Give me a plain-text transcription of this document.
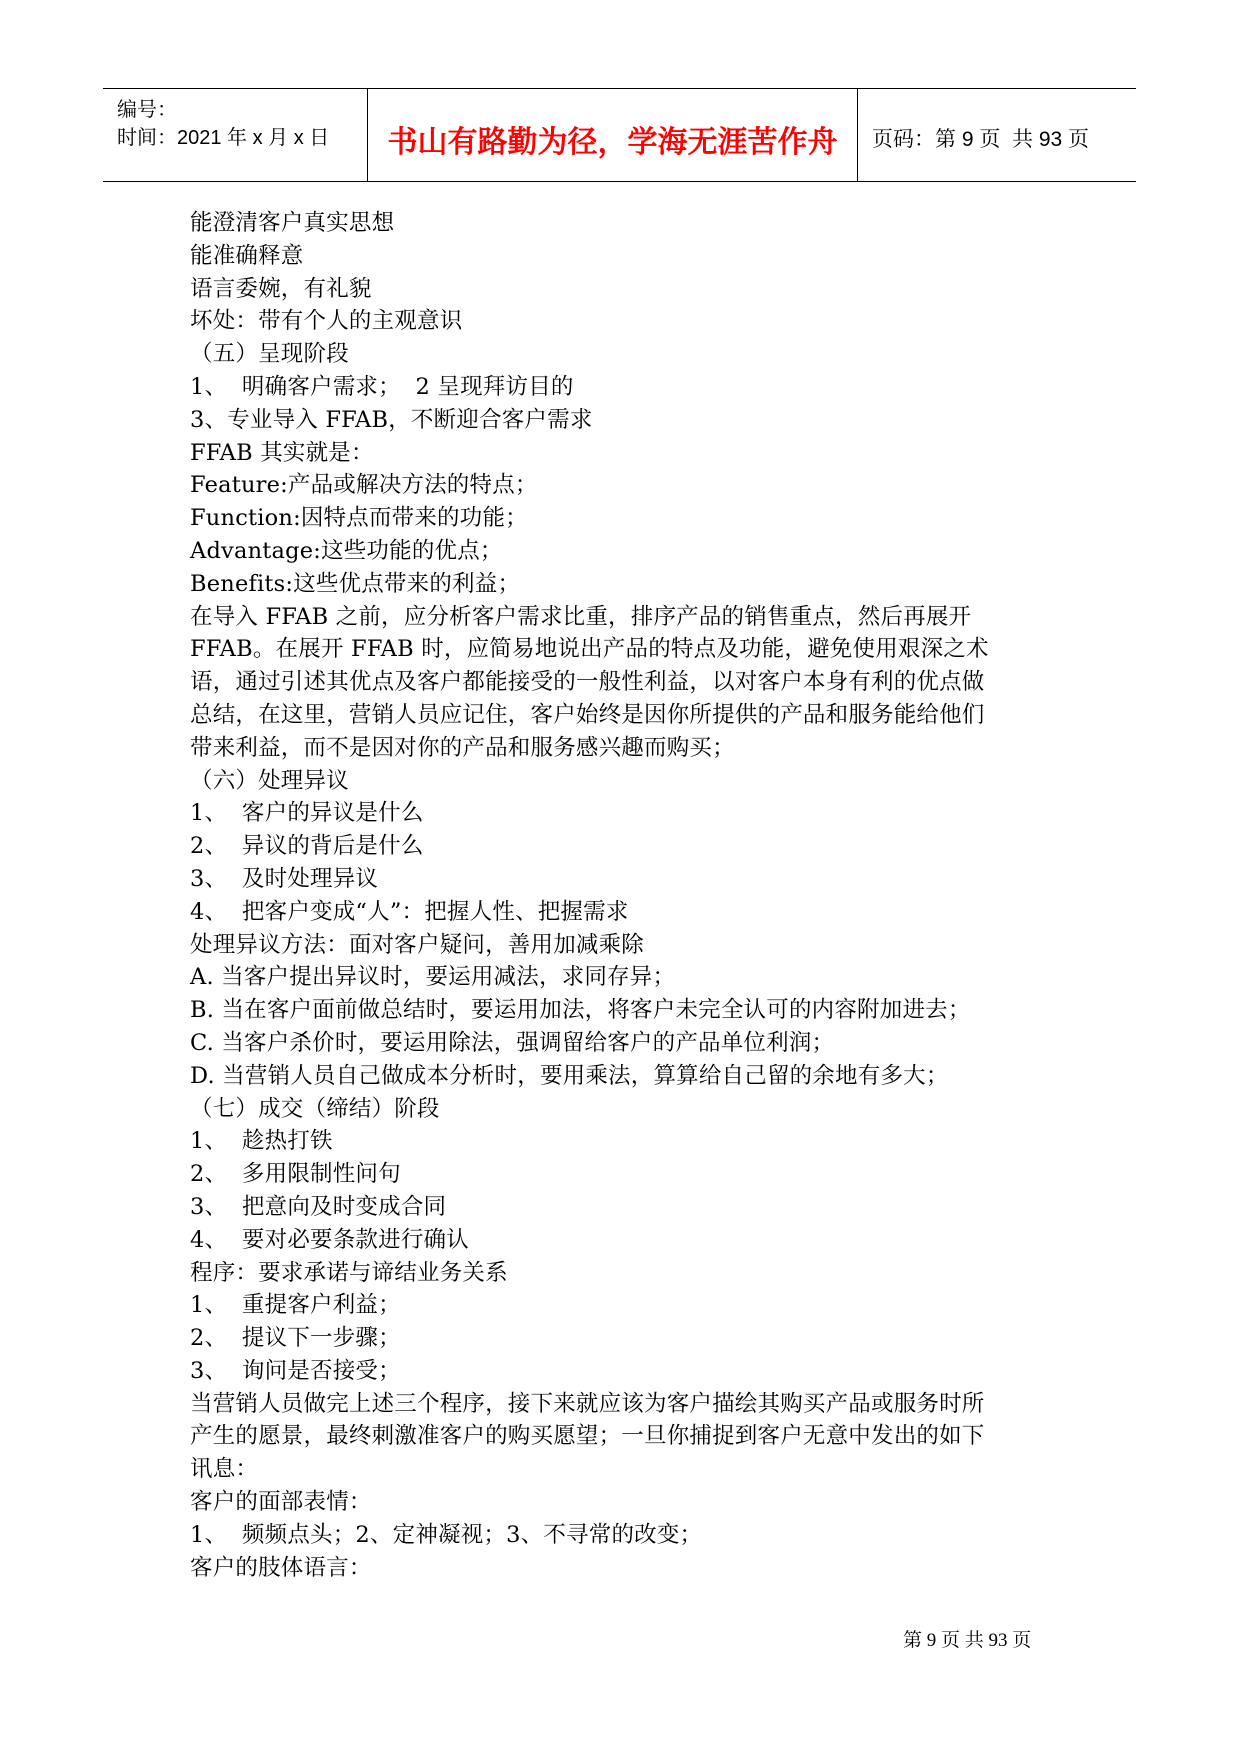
编号：
时间：2021 年 x 月 x 日	书山有路勤为径，学海无涯苦作舟	页码：第 9 页  共 93 页
能澄清客户真实思想
能准确释意
语言委婉，有礼貌
坏处：带有个人的主观意识
（五）呈现阶段
1、  明确客户需求；  2 呈现拜访目的
3、专业导入 FFAB，不断迎合客户需求
FFAB 其实就是：
Feature:产品或解决方法的特点；
Function:因特点而带来的功能；
Advantage:这些功能的优点；
Benefits:这些优点带来的利益；
在导入 FFAB 之前，应分析客户需求比重，排序产品的销售重点，然后再展开
FFAB。在展开 FFAB 时，应简易地说出产品的特点及功能，避免使用艰深之术
语，通过引述其优点及客户都能接受的一般性利益，以对客户本身有利的优点做
总结，在这里，营销人员应记住，客户始终是因你所提供的产品和服务能给他们
带来利益，而不是因对你的产品和服务感兴趣而购买；
（六）处理异议
1、  客户的异议是什么
2、  异议的背后是什么
3、  及时处理异议
4、  把客户变成“人”：把握人性、把握需求
处理异议方法：面对客户疑问，善用加减乘除
A. 当客户提出异议时，要运用减法，求同存异；
B. 当在客户面前做总结时，要运用加法，将客户未完全认可的内容附加进去；
C. 当客户杀价时，要运用除法，强调留给客户的产品单位利润；
D. 当营销人员自己做成本分析时，要用乘法，算算给自己留的余地有多大；
（七）成交（缔结）阶段
1、  趁热打铁
2、  多用限制性问句
3、  把意向及时变成合同
4、  要对必要条款进行确认
程序：要求承诺与谛结业务关系
1、  重提客户利益；
2、  提议下一步骤；
3、  询问是否接受；
当营销人员做完上述三个程序，接下来就应该为客户描绘其购买产品或服务时所
产生的愿景，最终刺激准客户的购买愿望；一旦你捕捉到客户无意中发出的如下
讯息：
客户的面部表情：
1、  频频点头；2、定神凝视；3、不寻常的改变；
客户的肢体语言：
第 9 页 共 93 页
